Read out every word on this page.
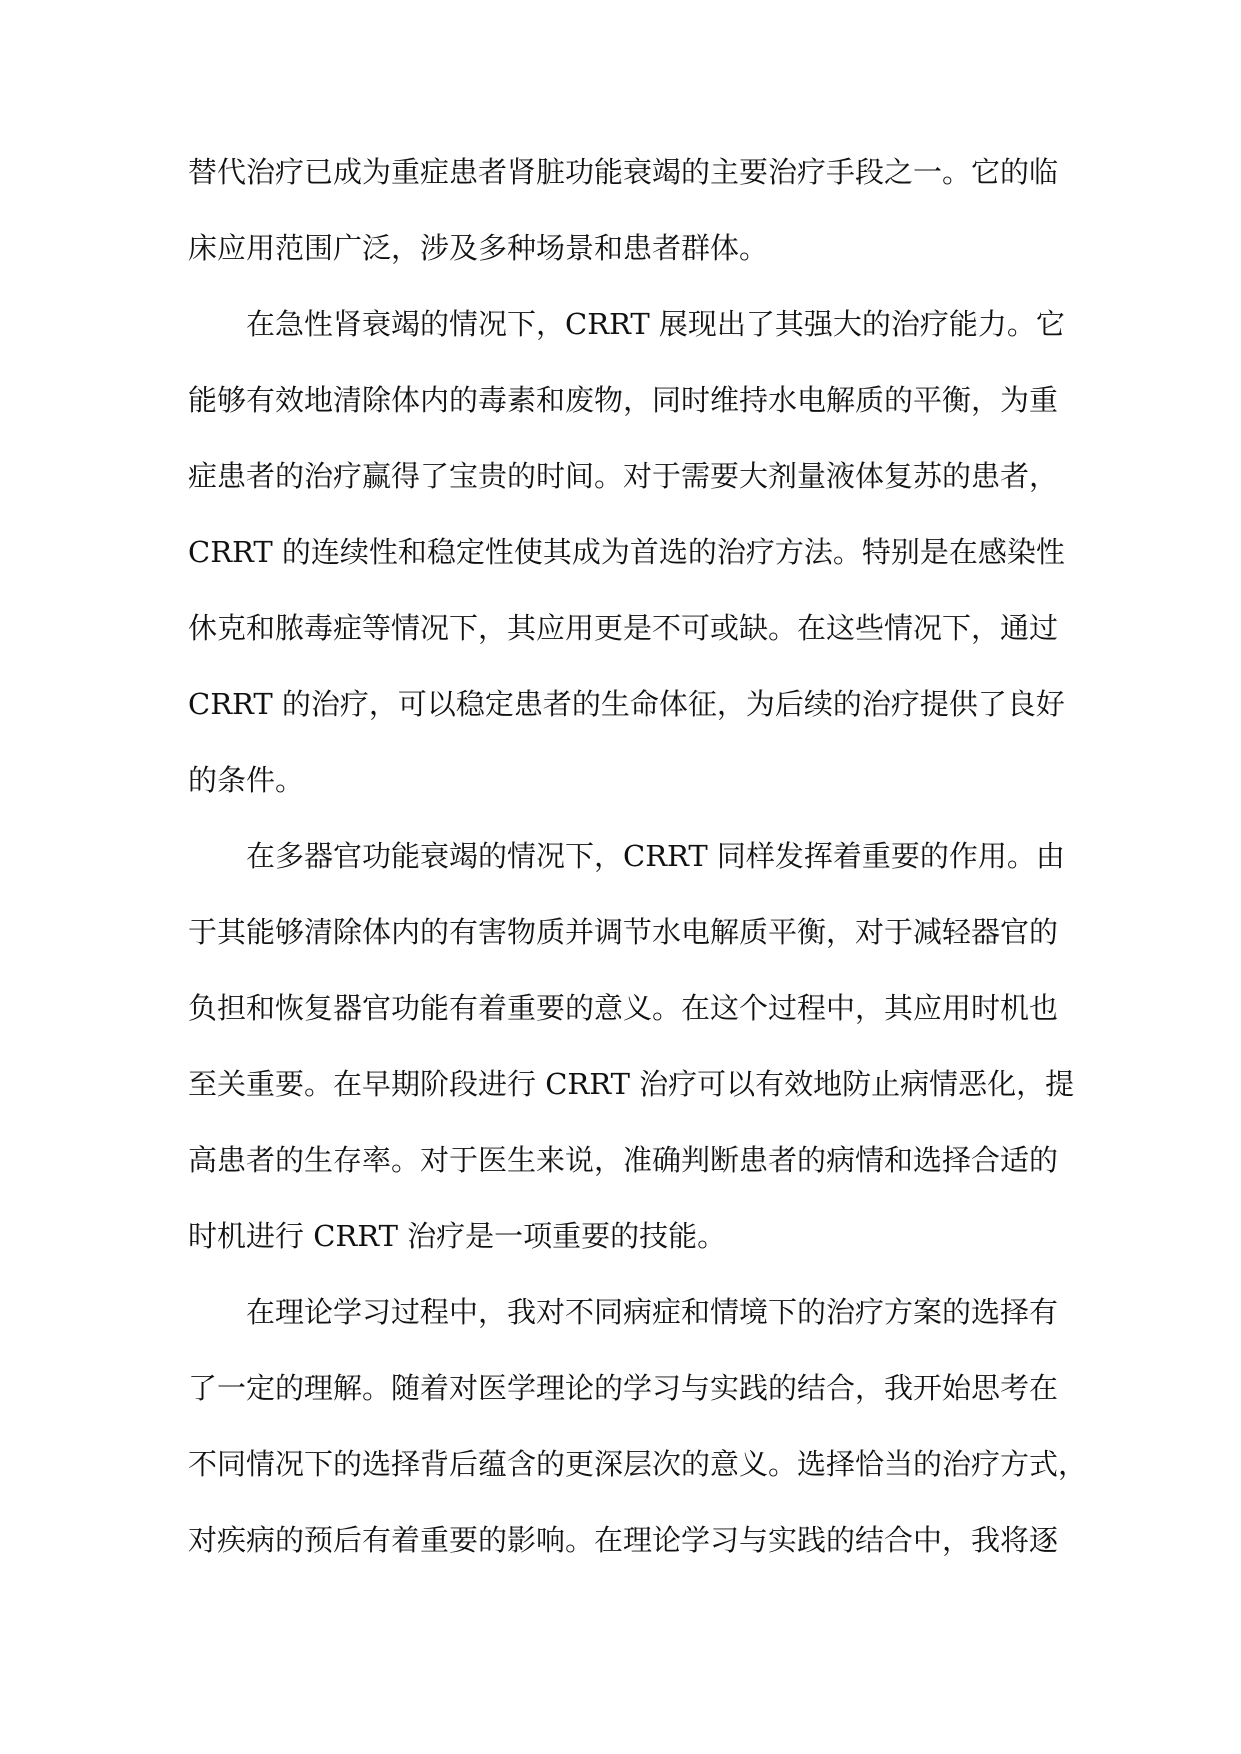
替代治疗已成为重症患者肾脏功能衰竭的主要治疗手段之一。它的临
床应用范围广泛，涉及多种场景和患者群体。
在急性肾衰竭的情况下，CRRT 展现出了其强大的治疗能力。它
能够有效地清除体内的毒素和废物，同时维持水电解质的平衡，为重
症患者的治疗赢得了宝贵的时间。对于需要大剂量液体复苏的患者，
CRRT 的连续性和稳定性使其成为首选的治疗方法。特别是在感染性
休克和脓毒症等情况下，其应用更是不可或缺。在这些情况下，通过
CRRT 的治疗，可以稳定患者的生命体征，为后续的治疗提供了良好
的条件。
在多器官功能衰竭的情况下，CRRT 同样发挥着重要的作用。由
于其能够清除体内的有害物质并调节水电解质平衡，对于减轻器官的
负担和恢复器官功能有着重要的意义。在这个过程中，其应用时机也
至关重要。在早期阶段进行 CRRT 治疗可以有效地防止病情恶化，提
高患者的生存率。对于医生来说，准确判断患者的病情和选择合适的
时机进行 CRRT 治疗是一项重要的技能。
在理论学习过程中，我对不同病症和情境下的治疗方案的选择有
了一定的理解。随着对医学理论的学习与实践的结合，我开始思考在
不同情况下的选择背后蕴含的更深层次的意义。选择恰当的治疗方式，
对疾病的预后有着重要的影响。在理论学习与实践的结合中，我将逐
